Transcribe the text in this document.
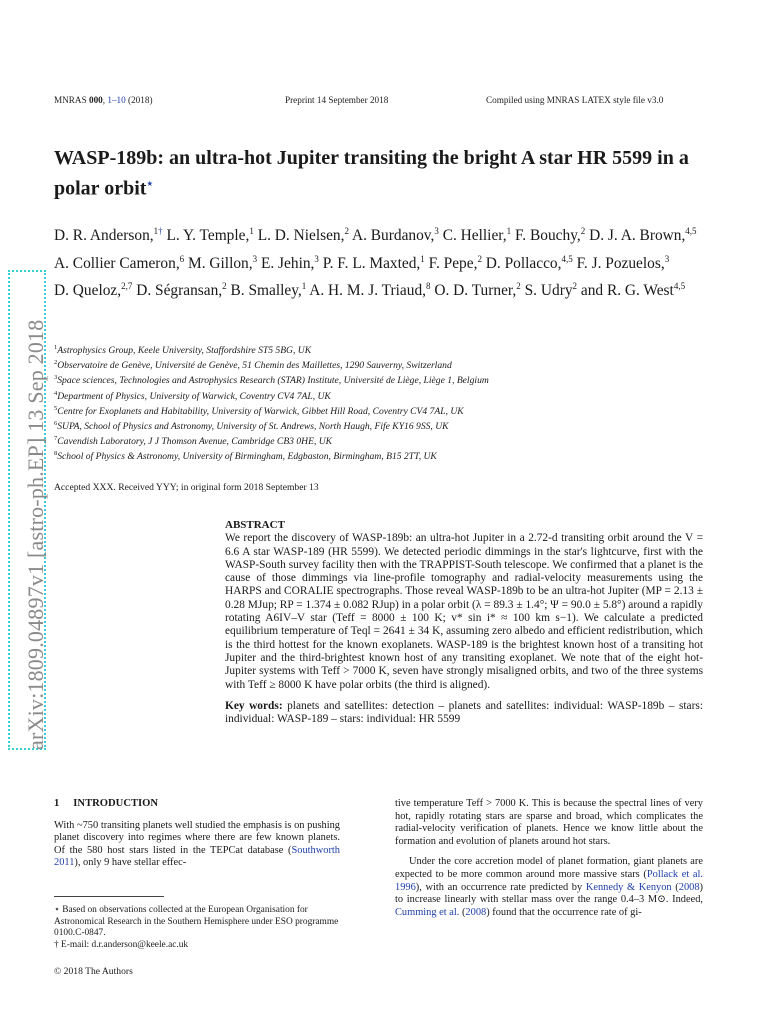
arXiv:1809.04897v1 [astro-ph.EP] 13 Sep 2018
MNRAS 000, 1–10 (2018)	Preprint 14 September 2018	Compiled using MNRAS LATEX style file v3.0
WASP-189b: an ultra-hot Jupiter transiting the bright A star HR 5599 in a polar orbit⋆
D. R. Anderson,$^{1\dagger}$ L. Y. Temple,$^1$ L. D. Nielsen,$^2$ A. Burdanov,$^3$ C. Hellier,$^1$ F. Bouchy,$^2$ D. J. A. Brown,$^{4,5}$ A. Collier Cameron,$^6$ M. Gillon,$^3$ E. Jehin,$^3$ P. F. L. Maxted,$^1$ F. Pepe,$^2$ D. Pollacco,$^{4,5}$ F. J. Pozuelos,$^3$ D. Queloz,$^{2,7}$ D. Ségransan,$^2$ B. Smalley,$^1$ A. H. M. J. Triaud,$^8$ O. D. Turner,$^2$ S. Udry$^2$ and R. G. West$^{4,5}$
$^1$Astrophysics Group, Keele University, Staffordshire ST5 5BG, UK
$^2$Observatoire de Genève, Université de Genève, 51 Chemin des Maillettes, 1290 Sauverny, Switzerland
$^3$Space sciences, Technologies and Astrophysics Research (STAR) Institute, Université de Liège, Liège 1, Belgium
$^4$Department of Physics, University of Warwick, Coventry CV4 7AL, UK
$^5$Centre for Exoplanets and Habitability, University of Warwick, Gibbet Hill Road, Coventry CV4 7AL, UK
$^6$SUPA, School of Physics and Astronomy, University of St. Andrews, North Haugh, Fife KY16 9SS, UK
$^7$Cavendish Laboratory, J J Thomson Avenue, Cambridge CB3 0HE, UK
$^8$School of Physics & Astronomy, University of Birmingham, Edgbaston, Birmingham, B15 2TT, UK
Accepted XXX. Received YYY; in original form 2018 September 13
ABSTRACT
We report the discovery of WASP-189b: an ultra-hot Jupiter in a 2.72-d transiting orbit around the V = 6.6 A star WASP-189 (HR 5599). We detected periodic dimmings in the star's lightcurve, first with the WASP-South survey facility then with the TRAPPIST-South telescope. We confirmed that a planet is the cause of those dimmings via line-profile tomography and radial-velocity measurements using the HARPS and CORALIE spectrographs. Those reveal WASP-189b to be an ultra-hot Jupiter (MP = 2.13 ± 0.28 MJup; RP = 1.374 ± 0.082 RJup) in a polar orbit (λ = 89.3 ± 1.4°; Ψ = 90.0 ± 5.8°) around a rapidly rotating A6IV–V star (Teff = 8000 ± 100 K; v* sin i* ≈ 100 km s−1). We calculate a predicted equilibrium temperature of Teql = 2641 ± 34 K, assuming zero albedo and efficient redistribution, which is the third hottest for the known exoplanets. WASP-189 is the brightest known host of a transiting hot Jupiter and the third-brightest known host of any transiting exoplanet. We note that of the eight hot-Jupiter systems with Teff > 7000 K, seven have strongly misaligned orbits, and two of the three systems with Teff ≥ 8000 K have polar orbits (the third is aligned).
Key words: planets and satellites: detection – planets and satellites: individual: WASP-189b – stars: individual: WASP-189 – stars: individual: HR 5599
1 INTRODUCTION

With ~750 transiting planets well studied the emphasis is on pushing planet discovery into regimes where there are few known planets. Of the 580 host stars listed in the TEPCat database (Southworth 2011), only 9 have stellar effec-

⋆ Based on observations collected at the European Organisation for Astronomical Research in the Southern Hemisphere under ESO programme 0100.C-0847.

† E-mail: d.r.anderson@keele.ac.uk

tive temperature Teff > 7000 K. This is because the spectral lines of very hot, rapidly rotating stars are sparse and broad, which complicates the radial-velocity verification of planets. Hence we know little about the formation and evolution of planets around hot stars.

Under the core accretion model of planet formation, giant planets are expected to be more common around more massive stars (Pollack et al. 1996), with an occurrence rate predicted by Kennedy & Kenyon (2008) to increase linearly with stellar mass over the range 0.4–3 M⊙. Indeed, Cumming et al. (2008) found that the occurrence rate of gi-

© 2018 The Authors
